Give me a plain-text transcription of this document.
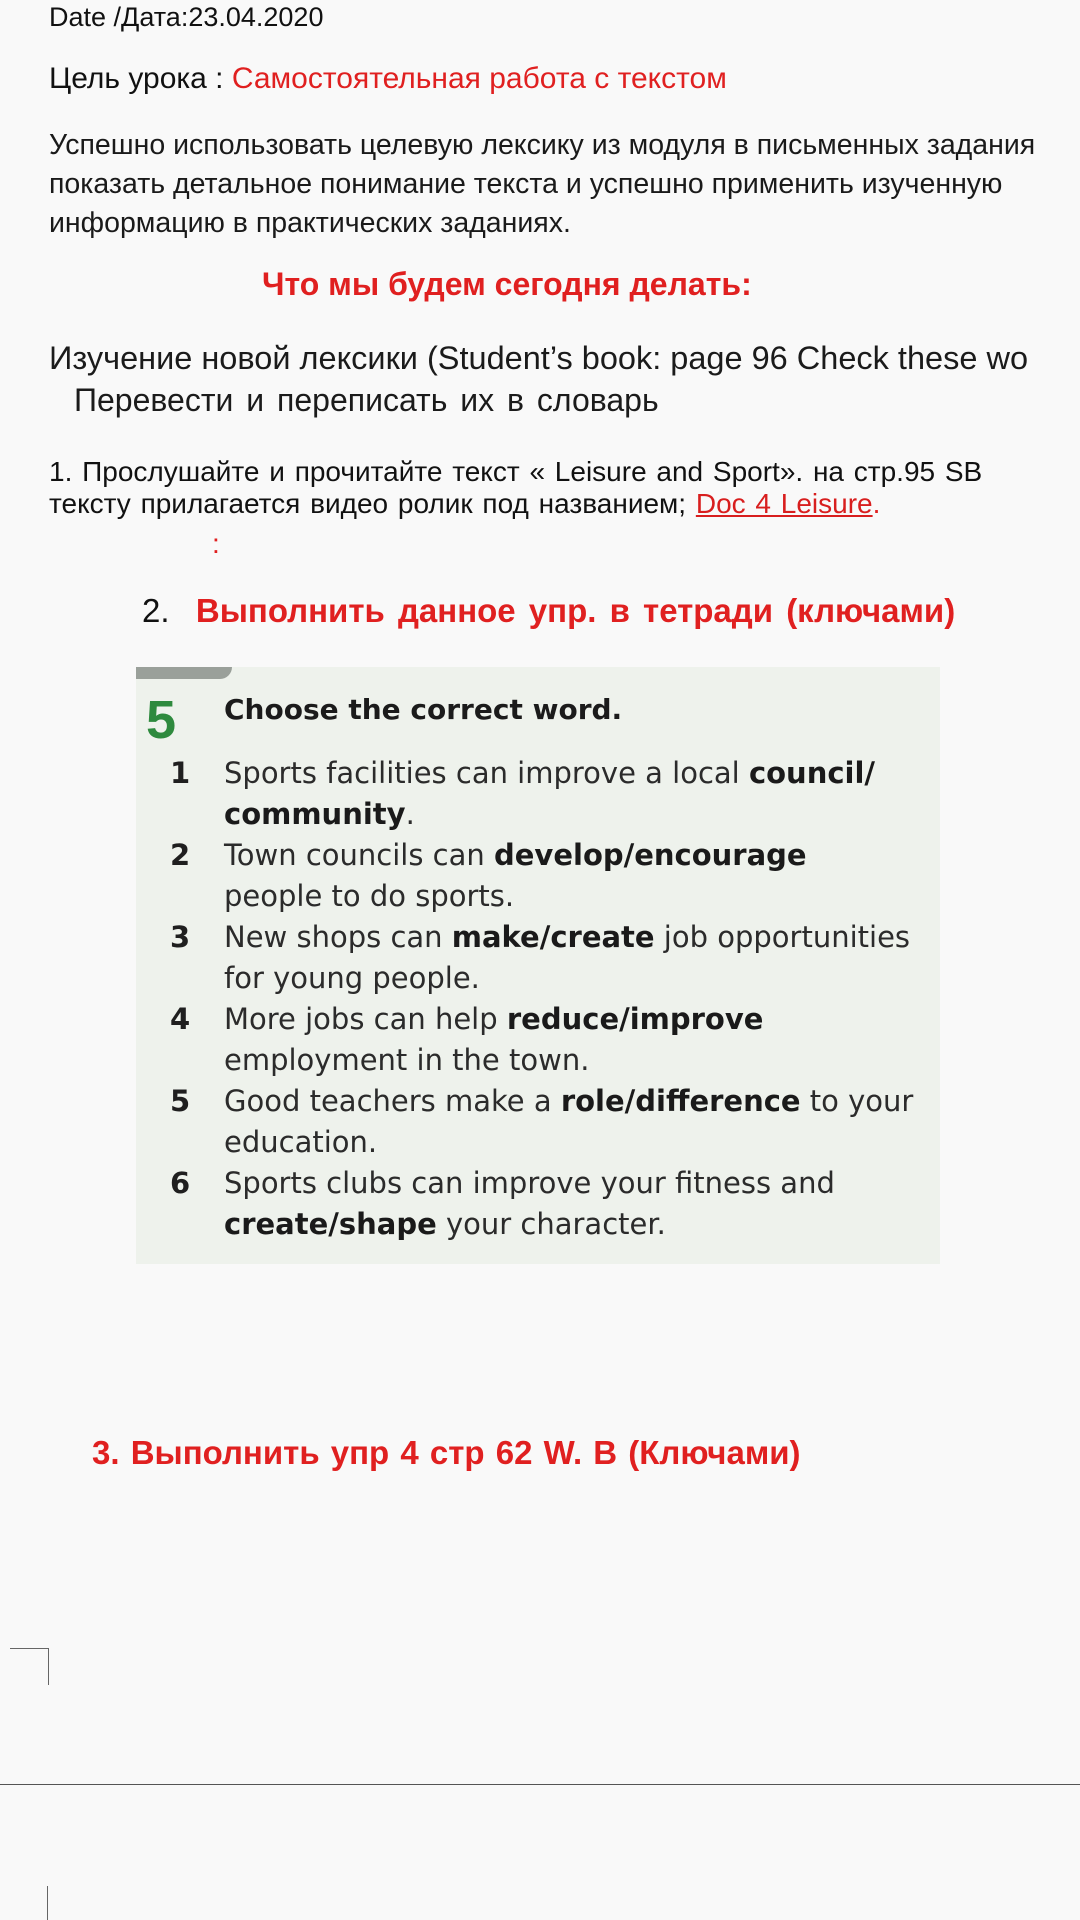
Date /Дата:23.04.2020
Цель урока : Самостоятельная работа с текстом
Успешно использовать целевую лексику из модуля в письменных задания
показать детальное понимание текста и успешно применить изученную
информацию в практических заданиях.
Что мы будем сегодня делать:
Изучение новой лексики (Student’s book: page 96 Check these wo
Перевести и переписать их в словарь
1. Прослушайте и прочитайте текст « Leisure and Sport». на стр.95 SB
тексту прилагается видео ролик под названием; Doc 4 Leisure.
:
2. Выполнить данное упр. в тетради (ключами)
5 Choose the correct word.
1 Sports facilities can improve a local council/ community.
2 Town councils can develop/encourage people to do sports.
3 New shops can make/create job opportunities for young people.
4 More jobs can help reduce/improve employment in the town.
5 Good teachers make a role/difference to your education.
6 Sports clubs can improve your fitness and create/shape your character.
3. Выполнить упр 4 стр 62 W. B (Ключами)
